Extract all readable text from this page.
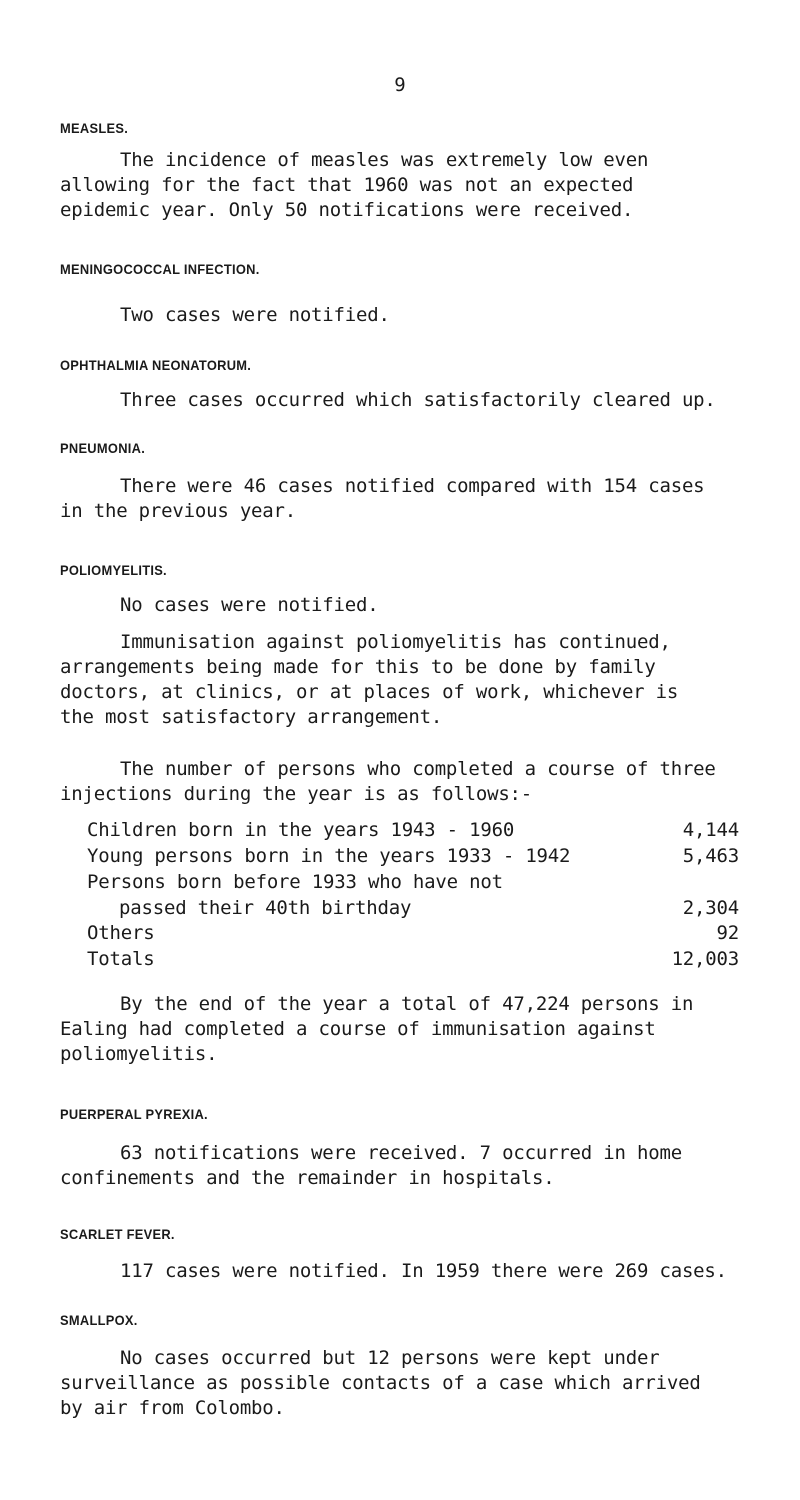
9
MEASLES.
The incidence of measles was extremely low even
allowing for the fact that 1960 was not an expected
epidemic year. Only 50 notifications were received.
MENINGOCOCCAL INFECTION.
Two cases were notified.
OPHTHALMIA NEONATORUM.
Three cases occurred which satisfactorily cleared up.
PNEUMONIA.
There were 46 cases notified compared with 154 cases
in the previous year.
POLIOMYELITIS.
No cases were notified.
Immunisation against poliomyelitis has continued,
arrangements being made for this to be done by family
doctors, at clinics, or at places of work, whichever is
the most satisfactory arrangement.
The number of persons who completed a course of three
injections during the year is as follows:-
Children born in the years 1943 - 1960	4,144
Young persons born in the years 1933 - 1942	5,463
Persons born before 1933 who have not
passed their 40th birthday	2,304
Others	92
Totals	12,003
By the end of the year a total of 47,224 persons in
Ealing had completed a course of immunisation against
poliomyelitis.
PUERPERAL PYREXIA.
63 notifications were received. 7 occurred in home
confinements and the remainder in hospitals.
SCARLET FEVER.
117 cases were notified. In 1959 there were 269 cases.
SMALLPOX.
No cases occurred but 12 persons were kept under
surveillance as possible contacts of a case which arrived
by air from Colombo.
